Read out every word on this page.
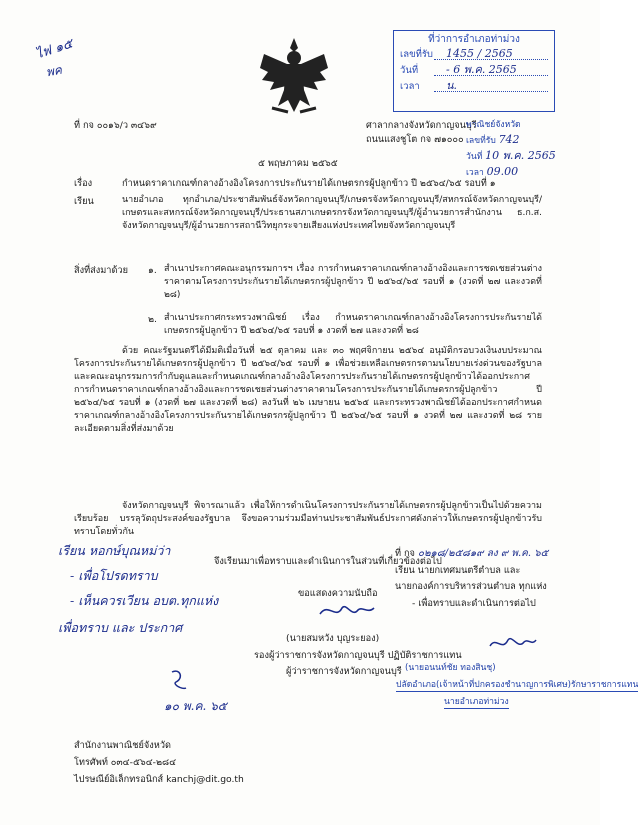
ไฟ ๑๕
พค
ที่ว่าการอำเภอท่าม่วง
เลขที่รับ 1455 / 2565
วันที่	- 6 พ.ค. 2565
เวลา น.
ที่ กจ ๐๐๑๖/ว ๓๔๖๙	ศาลากลางจังหวัดกาญจนบุรี
ถนนแสงชูโต กจ ๗๑๐๐๐
พาณิชย์จังหวัด
เลขที่รับ 742
วันที่ 10 พ.ค. 2565
เวลา 09.00
๕ พฤษภาคม ๒๕๖๕
เรื่อง	กำหนดราคาเกณฑ์กลางอ้างอิงโครงการประกันรายได้เกษตรกรผู้ปลูกข้าว ปี ๒๕๖๔/๖๕ รอบที่ ๑
เรียน	นายอำเภอ ทุกอำเภอ/ประชาสัมพันธ์จังหวัดกาญจนบุรี/เกษตรจังหวัดกาญจนบุรี/สหกรณ์จังหวัดกาญจนบุรี/เกษตรและสหกรณ์จังหวัดกาญจนบุรี/ประธานสภาเกษตรกรจังหวัดกาญจนบุรี/ผู้อำนวยการสำนักงาน ธ.ก.ส. จังหวัดกาญจนบุรี/ผู้อำนวยการสถานีวิทยุกระจายเสียงแห่งประเทศไทยจังหวัดกาญจนบุรี
สิ่งที่ส่งมาด้วย ๑. สำเนาประกาศคณะอนุกรรมการฯ เรื่อง การกำหนดราคาเกณฑ์กลางอ้างอิงและการชดเชยส่วนต่างราคาตามโครงการประกันรายได้เกษตรกรผู้ปลูกข้าว ปี ๒๕๖๔/๖๕ รอบที่ ๑ (งวดที่ ๒๗ และงวดที่ ๒๘)
๒. สำเนาประกาศกระทรวงพาณิชย์ เรื่อง กำหนดราคาเกณฑ์กลางอ้างอิงโครงการประกันรายได้เกษตรกรผู้ปลูกข้าว ปี ๒๕๖๔/๖๕ รอบที่ ๑ งวดที่ ๒๗ และงวดที่ ๒๘
ด้วย คณะรัฐมนตรีได้มีมติเมื่อวันที่ ๒๕ ตุลาคม และ ๓๐ พฤศจิกายน ๒๕๖๔ อนุมัติกรอบวงเงินงบประมาณโครงการประกันรายได้เกษตรกรผู้ปลูกข้าว ปี ๒๕๖๔/๖๕ รอบที่ ๑ เพื่อช่วยเหลือเกษตรกรตามนโยบายเร่งด่วนของรัฐบาล และคณะอนุกรรมการกำกับดูแลและกำหนดเกณฑ์กลางอ้างอิงโครงการประกันรายได้เกษตรกรผู้ปลูกข้าวได้ออกประกาศการกำหนดราคาเกณฑ์กลางอ้างอิงและการชดเชยส่วนต่างราคาตามโครงการประกันรายได้เกษตรกรผู้ปลูกข้าว ปี ๒๕๖๔/๖๕ รอบที่ ๑ (งวดที่ ๒๗ และงวดที่ ๒๘) ลงวันที่ ๒๖ เมษายน ๒๕๖๕ และกระทรวงพาณิชย์ได้ออกประกาศกำหนดราคาเกณฑ์กลางอ้างอิงโครงการประกันรายได้เกษตรกรผู้ปลูกข้าว ปี ๒๕๖๔/๖๕ รอบที่ ๑ งวดที่ ๒๗ และงวดที่ ๒๘ รายละเอียดตามสิ่งที่ส่งมาด้วย
จังหวัดกาญจนบุรี พิจารณาแล้ว เพื่อให้การดำเนินโครงการประกันรายได้เกษตรกรผู้ปลูกข้าวเป็นไปด้วยความเรียบร้อย บรรลุวัตถุประสงค์ของรัฐบาล จึงขอความร่วมมือท่านประชาสัมพันธ์ประกาศดังกล่าวให้เกษตรกรผู้ปลูกข้าวรับทราบโดยทั่วกัน
จึงเรียนมาเพื่อทราบและดำเนินการในส่วนที่เกี่ยวข้องต่อไป
ขอแสดงความนับถือ
(นายสมหวัง บุญระยอง)
รองผู้ว่าราชการจังหวัดกาญจนบุรี ปฏิบัติราชการแทน
ผู้ว่าราชการจังหวัดกาญจนบุรี
ที่ กจ ๐๒๑๘/๒๕๘๑๙ ลง ๙ พ.ค. ๖๕
เรียน นายกเทศมนตรีตำบล และ
นายกองค์การบริหารส่วนตำบล ทุกแห่ง
- เพื่อทราบและดำเนินการต่อไป
(นายอนนท์ชัย ทองสินชุ)
ปลัดอำเภอ(เจ้าหน้าที่ปกครองชำนาญการพิเศษ)รักษาราชการแทน
นายอำเภอท่าม่วง
เรียน หอกษ์บุณหม่ว่า
- เพื่อโปรดทราบ
- เห็นควรเวียน อบต.ทุกแห่ง
เพื่อทราบ และ ประกาศ
๑๐ พ.ค. ๖๕
สำนักงานพาณิชย์จังหวัด
โทรศัพท์ ๐๓๔-๕๖๔-๒๘๔
ไปรษณีย์อิเล็กทรอนิกส์ kanchj@dit.go.th
